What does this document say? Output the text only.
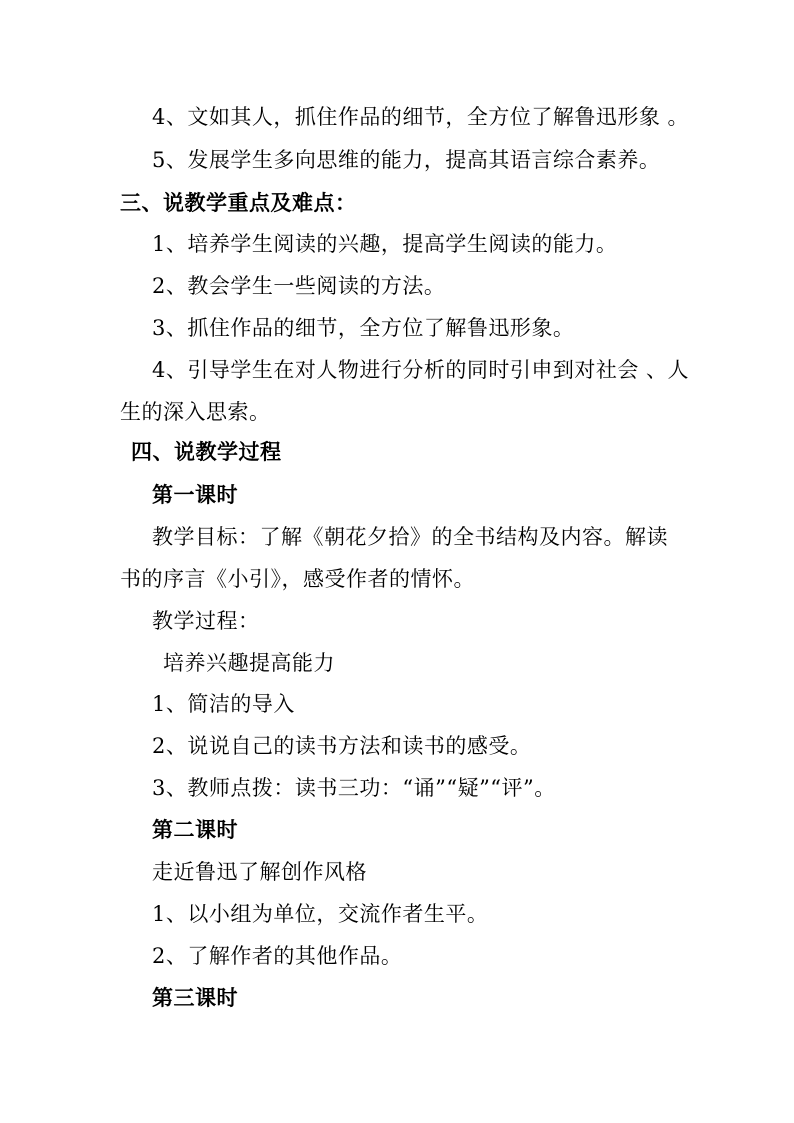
4、文如其人，抓住作品的细节，全方位了解鲁迅形象 。
5、发展学生多向思维的能力，提高其语言综合素养。
三、说教学重点及难点：
1、培养学生阅读的兴趣，提高学生阅读的能力。
2、教会学生一些阅读的方法。
3、抓住作品的细节，全方位了解鲁迅形象。
4、引导学生在对人物进行分析的同时引申到对社会 、人
生的深入思索。
四、说教学过程
第一课时
教学目标：了解《朝花夕拾》的全书结构及内容。解读
书的序言《小引》，感受作者的情怀。
教学过程：
培养兴趣提高能力
1、简洁的导入
2、说说自己的读书方法和读书的感受。
3、教师点拨：读书三功：“诵”“疑”“评”。
第二课时
走近鲁迅了解创作风格
1、以小组为单位，交流作者生平。
2、了解作者的其他作品。
第三课时
